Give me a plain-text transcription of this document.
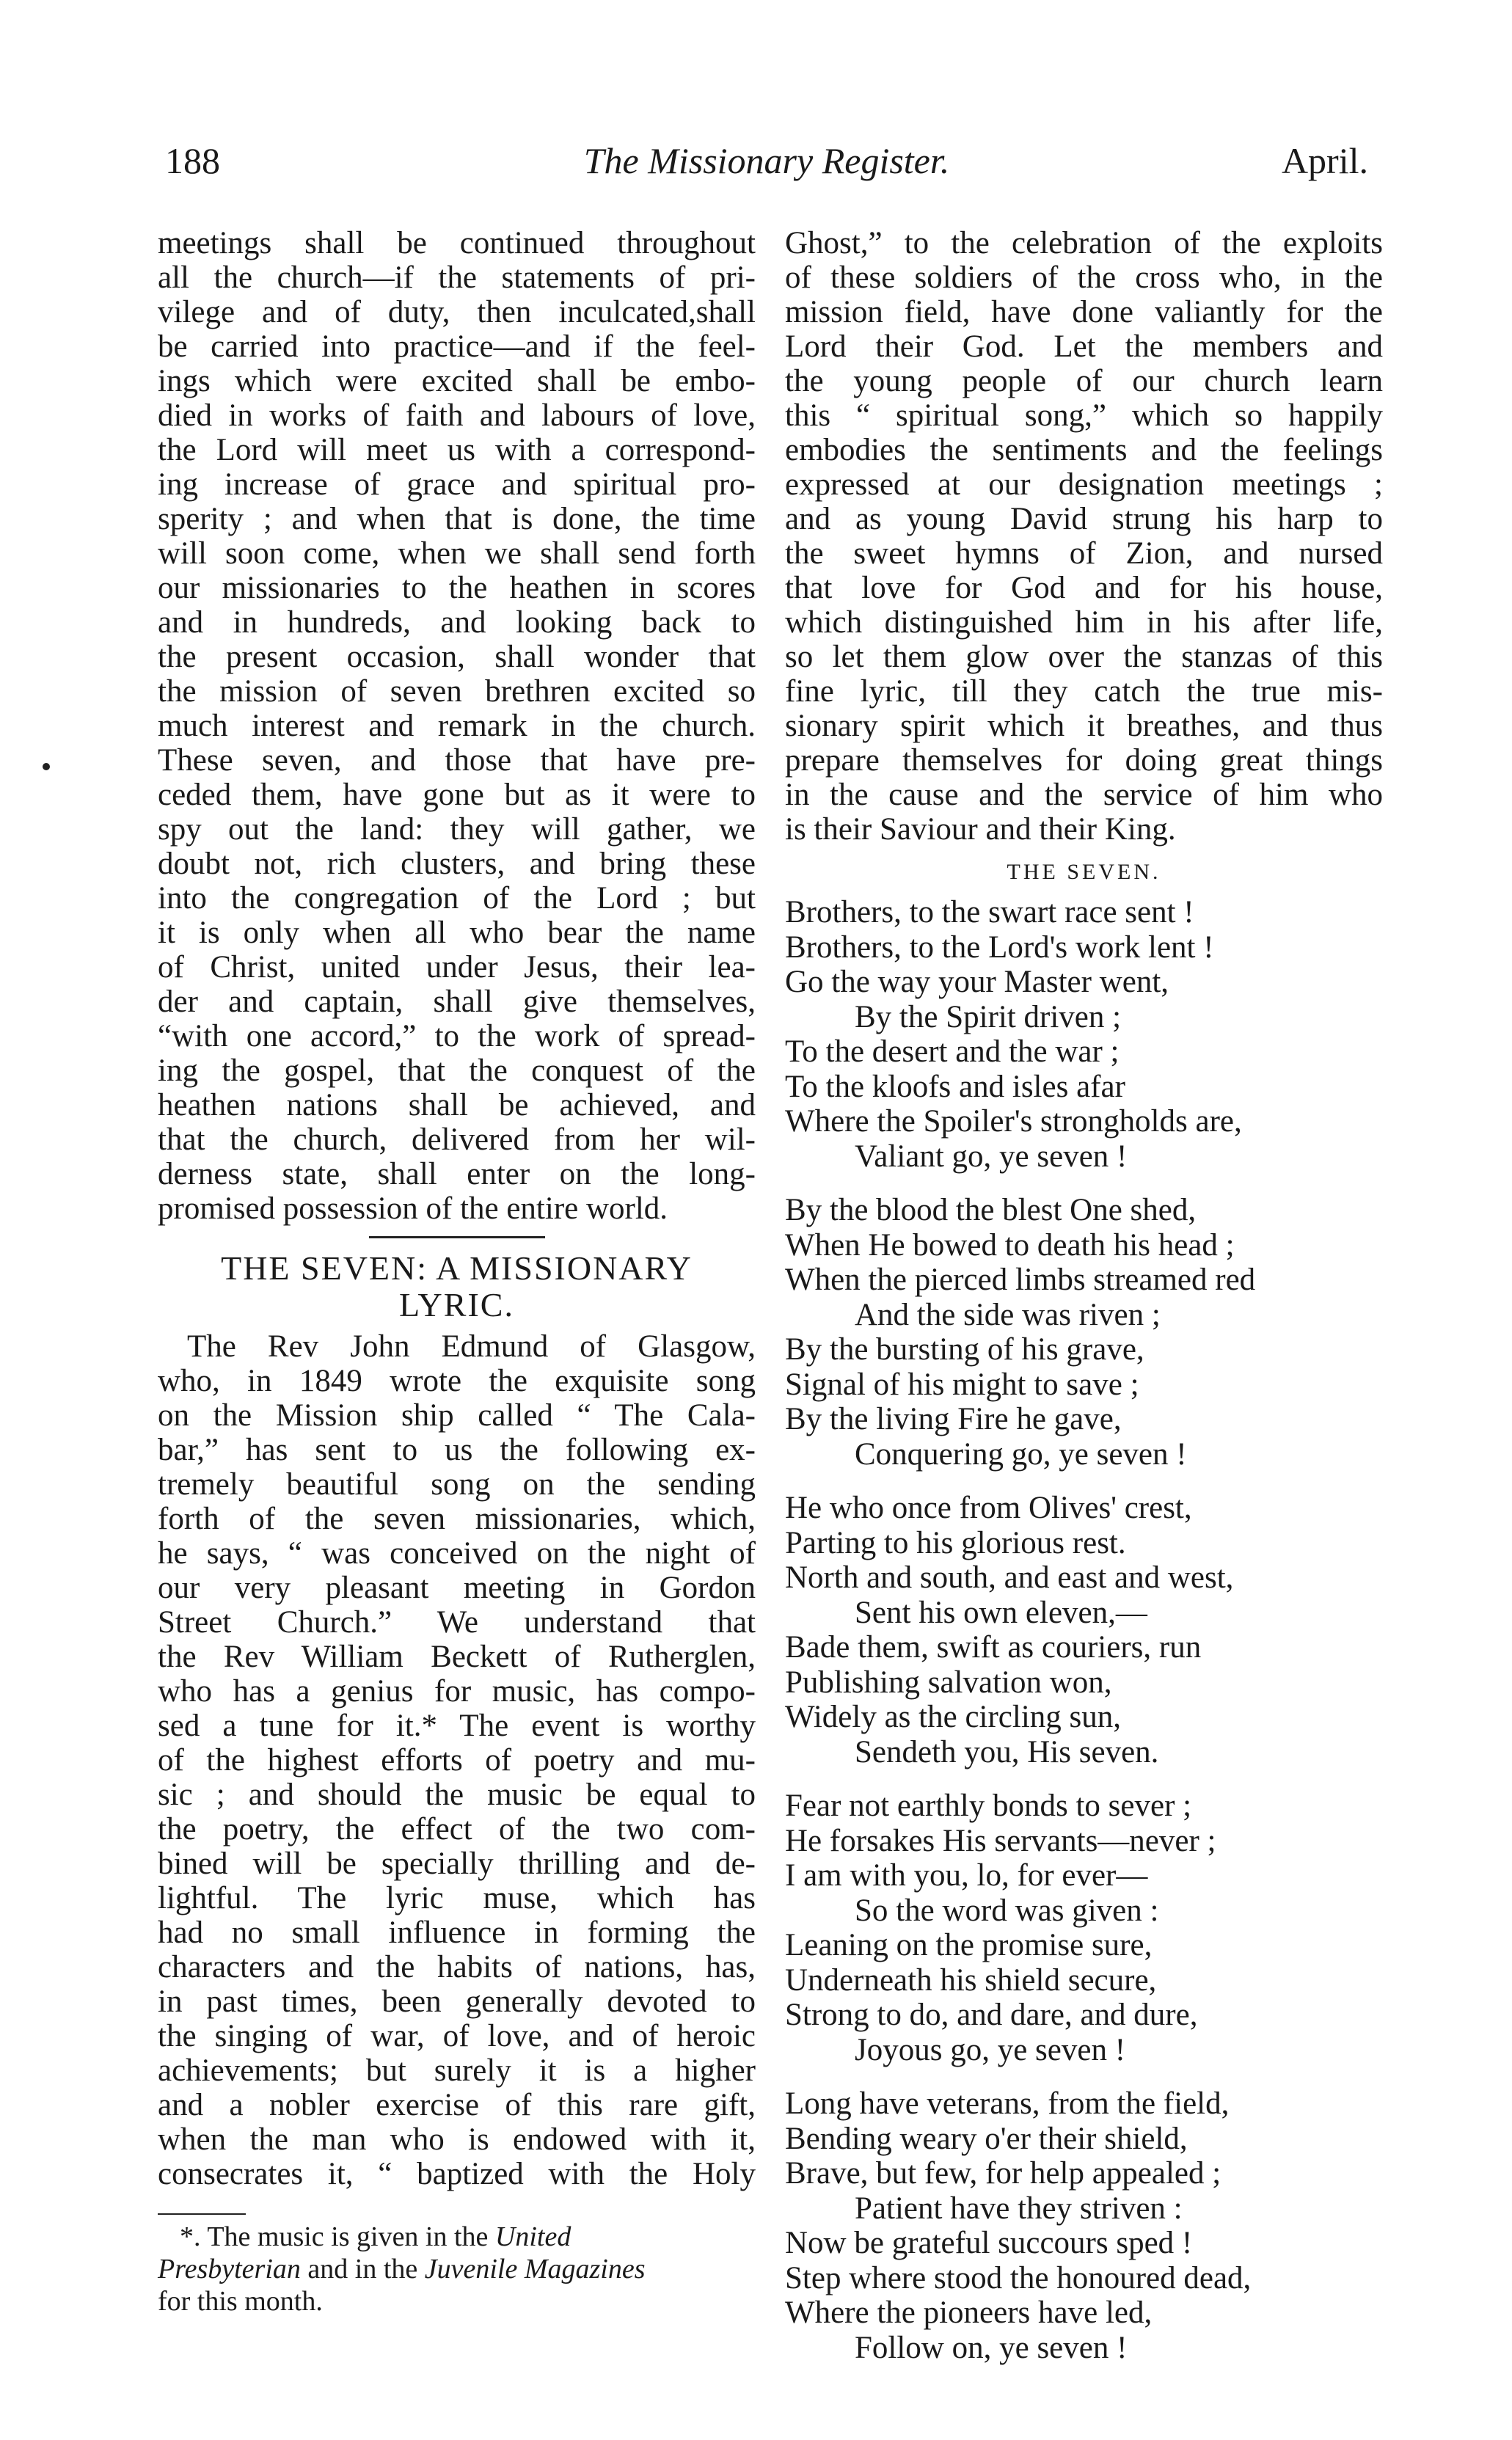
188	The Missionary Register.	April.
meetings shall be continued throughout
all the church—if the statements of pri-
vilege and of duty, then inculcated,shall
be carried into practice—and if the feel-
ings which were excited shall be embo-
died in works of faith and labours of love,
the Lord will meet us with a correspond-
ing increase of grace and spiritual pro-
sperity ; and when that is done, the time
will soon come, when we shall send forth
our missionaries to the heathen in scores
and in hundreds, and looking back to
the present occasion, shall wonder that
the mission of seven brethren excited so
much interest and remark in the church.
These seven, and those that have pre-
ceded them, have gone but as it were to
spy out the land: they will gather, we
doubt not, rich clusters, and bring these
into the congregation of the Lord ; but
it is only when all who bear the name
of Christ, united under Jesus, their lea-
der and captain, shall give themselves,
“with one accord,” to the work of spread-
ing the gospel, that the conquest of the
heathen nations shall be achieved, and
that the church, delivered from her wil-
derness state, shall enter on the long-
promised possession of the entire world.
THE SEVEN: A MISSIONARY
LYRIC.
The Rev John Edmund of Glasgow,
who, in 1849 wrote the exquisite song
on the Mission ship called “ The Cala-
bar,” has sent to us the following ex-
tremely beautiful song on the sending
forth of the seven missionaries, which,
he says, “ was conceived on the night of
our very pleasant meeting in Gordon
Street Church.” We understand that
the Rev William Beckett of Rutherglen,
who has a genius for music, has compo-
sed a tune for it.* The event is worthy
of the highest efforts of poetry and mu-
sic ; and should the music be equal to
the poetry, the effect of the two com-
bined will be specially thrilling and de-
lightful. The lyric muse, which has
had no small influence in forming the
characters and the habits of nations, has,
in past times, been generally devoted to
the singing of war, of love, and of heroic
achievements; but surely it is a higher
and a nobler exercise of this rare gift,
when the man who is endowed with it,
consecrates it, “ baptized with the Holy
*. The music is given in the United
Presbyterian and in the Juvenile Magazines
for this month.
Ghost,” to the celebration of the exploits
of these soldiers of the cross who, in the
mission field, have done valiantly for the
Lord their God. Let the members and
the young people of our church learn
this “ spiritual song,” which so happily
embodies the sentiments and the feelings
expressed at our designation meetings ;
and as young David strung his harp to
the sweet hymns of Zion, and nursed
that love for God and for his house,
which distinguished him in his after life,
so let them glow over the stanzas of this
fine lyric, till they catch the true mis-
sionary spirit which it breathes, and thus
prepare themselves for doing great things
in the cause and the service of him who
is their Saviour and their King.
THE SEVEN.
Brothers, to the swart race sent !
Brothers, to the Lord's work lent !
Go the way your Master went,
By the Spirit driven ;
To the desert and the war ;
To the kloofs and isles afar
Where the Spoiler's strongholds are,
Valiant go, ye seven !
By the blood the blest One shed,
When He bowed to death his head ;
When the pierced limbs streamed red
And the side was riven ;
By the bursting of his grave,
Signal of his might to save ;
By the living Fire he gave,
Conquering go, ye seven !
He who once from Olives' crest,
Parting to his glorious rest.
North and south, and east and west,
Sent his own eleven,—
Bade them, swift as couriers, run
Publishing salvation won,
Widely as the circling sun,
Sendeth you, His seven.
Fear not earthly bonds to sever ;
He forsakes His servants—never ;
I am with you, lo, for ever—
So the word was given :
Leaning on the promise sure,
Underneath his shield secure,
Strong to do, and dare, and dure,
Joyous go, ye seven !
Long have veterans, from the field,
Bending weary o'er their shield,
Brave, but few, for help appealed ;
Patient have they striven :
Now be grateful succours sped !
Step where stood the honoured dead,
Where the pioneers have led,
Follow on, ye seven !
